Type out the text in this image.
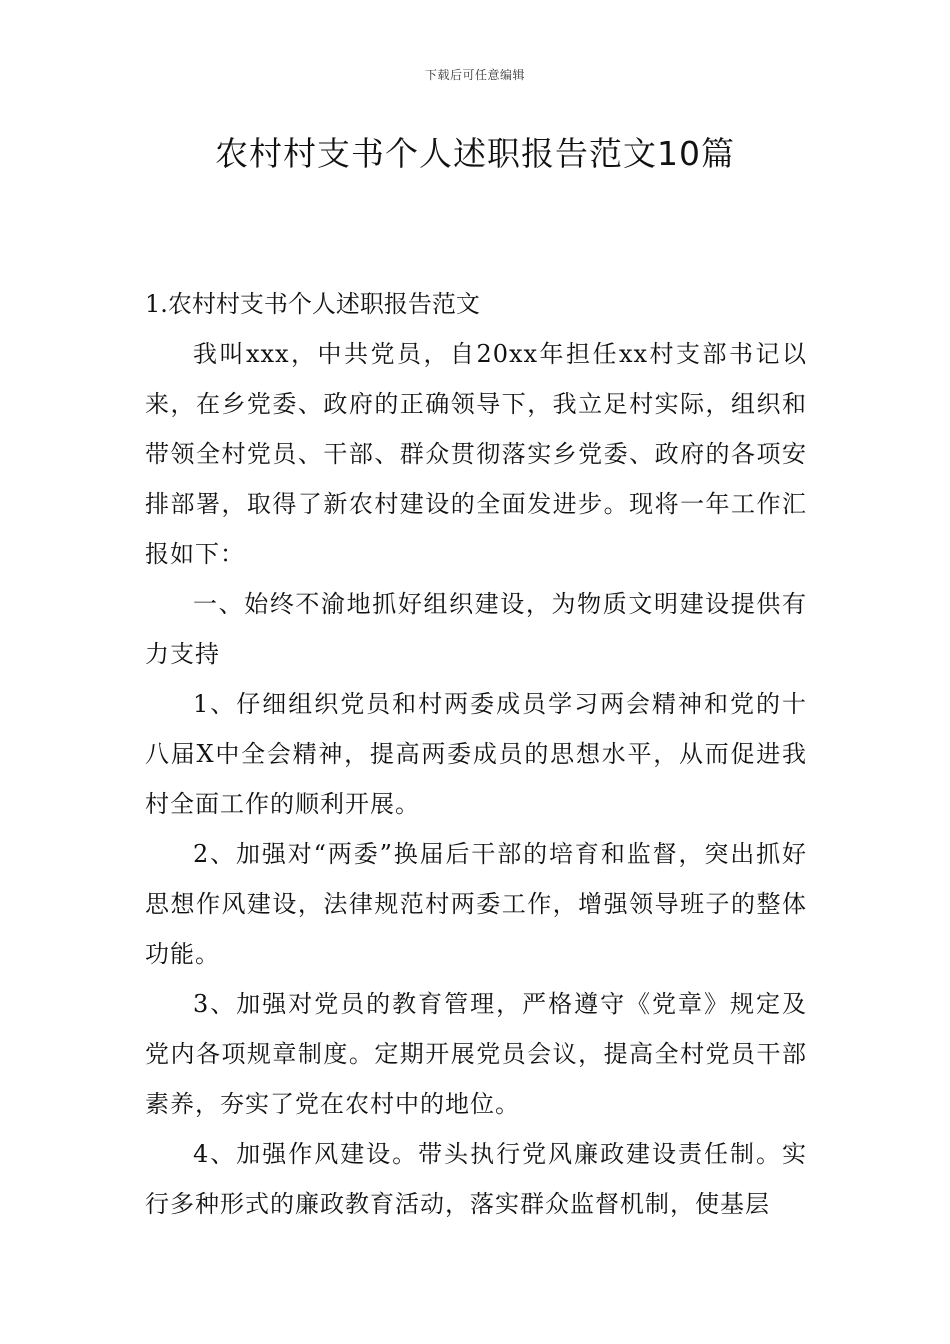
下载后可任意编辑
农村村支书个人述职报告范文10篇

1.农村村支书个人述职报告范文

我叫xxx，中共党员，自20xx年担任xx村支部书记以来，在乡党委、政府的正确领导下，我立足村实际，组织和带领全村党员、干部、群众贯彻落实乡党委、政府的各项安排部署，取得了新农村建设的全面发进步。现将一年工作汇报如下：

一、始终不渝地抓好组织建设，为物质文明建设提供有力支持

1、仔细组织党员和村两委成员学习两会精神和党的十八届X中全会精神，提高两委成员的思想水平，从而促进我村全面工作的顺利开展。

2、加强对“两委”换届后干部的培育和监督，突出抓好思想作风建设，法律规范村两委工作，增强领导班子的整体功能。

3、加强对党员的教育管理，严格遵守《党章》规定及党内各项规章制度。定期开展党员会议，提高全村党员干部素养，夯实了党在农村中的地位。

4、加强作风建设。带头执行党风廉政建设责任制。实行多种形式的廉政教育活动，落实群众监督机制，使基层
